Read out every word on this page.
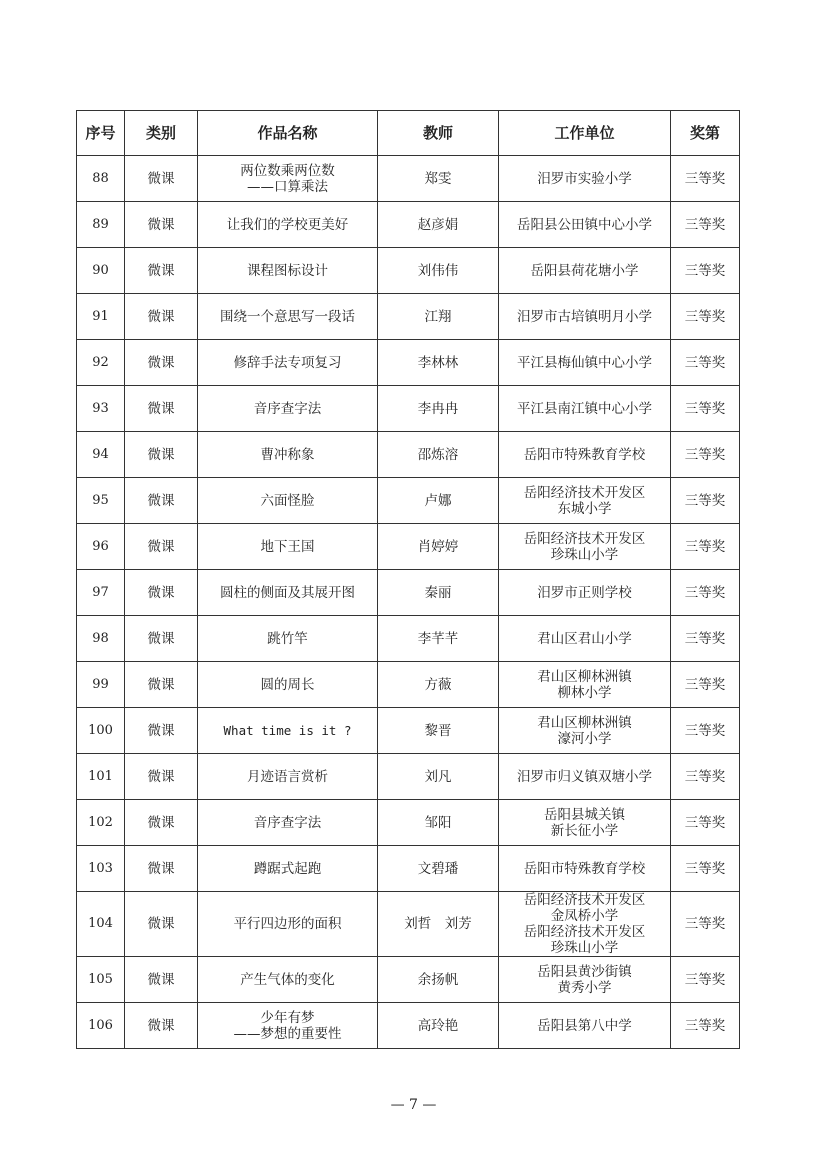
序号	类别	作品名称	教师	工作单位	奖第
88	微课	两位数乘两位数
——口算乘法	郑雯	汨罗市实验小学	三等奖
89	微课	让我们的学校更美好	赵彦娟	岳阳县公田镇中心小学	三等奖
90	微课	课程图标设计	刘伟伟	岳阳县荷花塘小学	三等奖
91	微课	围绕一个意思写一段话	江翔	汨罗市古培镇明月小学	三等奖
92	微课	修辞手法专项复习	李林林	平江县梅仙镇中心小学	三等奖
93	微课	音序查字法	李冉冉	平江县南江镇中心小学	三等奖
94	微课	曹冲称象	邵炼溶	岳阳市特殊教育学校	三等奖
95	微课	六面怪脸	卢娜	岳阳经济技术开发区
东城小学	三等奖
96	微课	地下王国	肖婷婷	岳阳经济技术开发区
珍珠山小学	三等奖
97	微课	圆柱的侧面及其展开图	秦丽	汨罗市正则学校	三等奖
98	微课	跳竹竿	李芊芊	君山区君山小学	三等奖
99	微课	圆的周长	方薇	君山区柳林洲镇
柳林小学	三等奖
100	微课	What time is it ?	黎晋	君山区柳林洲镇
濠河小学	三等奖
101	微课	月迹语言赏析	刘凡	汨罗市归义镇双塘小学	三等奖
102	微课	音序查字法	邹阳	岳阳县城关镇
新长征小学	三等奖
103	微课	蹲踞式起跑	文碧璠	岳阳市特殊教育学校	三等奖
104	微课	平行四边形的面积	刘哲　刘芳	岳阳经济技术开发区
金凤桥小学
岳阳经济技术开发区
珍珠山小学	三等奖
105	微课	产生气体的变化	余扬帆	岳阳县黄沙街镇
黄秀小学	三等奖
106	微课	少年有梦
——梦想的重要性	高玲艳	岳阳县第八中学	三等奖
— 7 —
